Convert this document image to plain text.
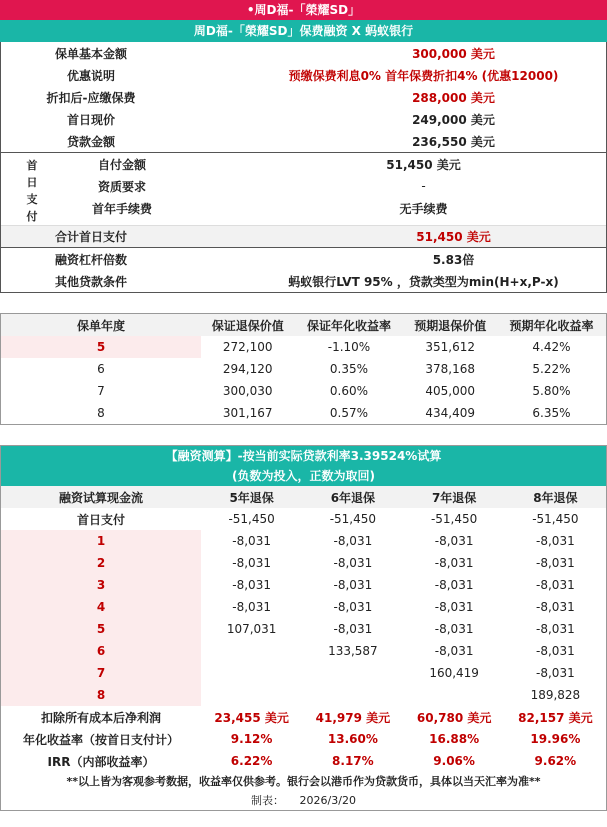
•周D福-「榮耀SD」
周D福-「榮耀SD」保费融资 X 蚂蚁银行
保单基本金额	300,000 美元
优惠说明	预缴保费利息0% 首年保费折扣4% (优惠12000)
折扣后-应缴保费	288,000 美元
首日现价	249,000 美元
贷款金额	236,550 美元
首
日
支
付
自付金额	51,450 美元
资质要求	-
首年手续费	无手续费
合计首日支付	51,450 美元
融资杠杆倍数	5.83倍
其他贷款条件	蚂蚁银行LVT 95% ，贷款类型为min(H+x,P-x)
保单年度	保证退保价值	保证年化收益率	预期退保价值	预期年化收益率
5	272,100	-1.10%	351,612	4.42%
6	294,120	0.35%	378,168	5.22%
7	300,030	0.60%	405,000	5.80%
8	301,167	0.57%	434,409	6.35%
【融资测算】-按当前实际贷款利率3.39524%试算
(负数为投入，正数为取回)
融资试算现金流	5年退保	6年退保	7年退保	8年退保
首日支付	-51,450	-51,450	-51,450	-51,450
1	-8,031	-8,031	-8,031	-8,031
2	-8,031	-8,031	-8,031	-8,031
3	-8,031	-8,031	-8,031	-8,031
4	-8,031	-8,031	-8,031	-8,031
5	107,031	-8,031	-8,031	-8,031
6		133,587	-8,031	-8,031
7			160,419	-8,031
8				189,828
扣除所有成本后净利润	23,455 美元	41,979 美元	60,780 美元	82,157 美元
年化收益率（按首日支付计）	9.12%	13.60%	16.88%	19.96%
IRR（内部收益率）	6.22%	8.17%	9.06%	9.62%
**以上皆为客观参考数据，收益率仅供参考。银行会以港币作为贷款货币，具体以当天汇率为准**
制表： 2026/3/20
